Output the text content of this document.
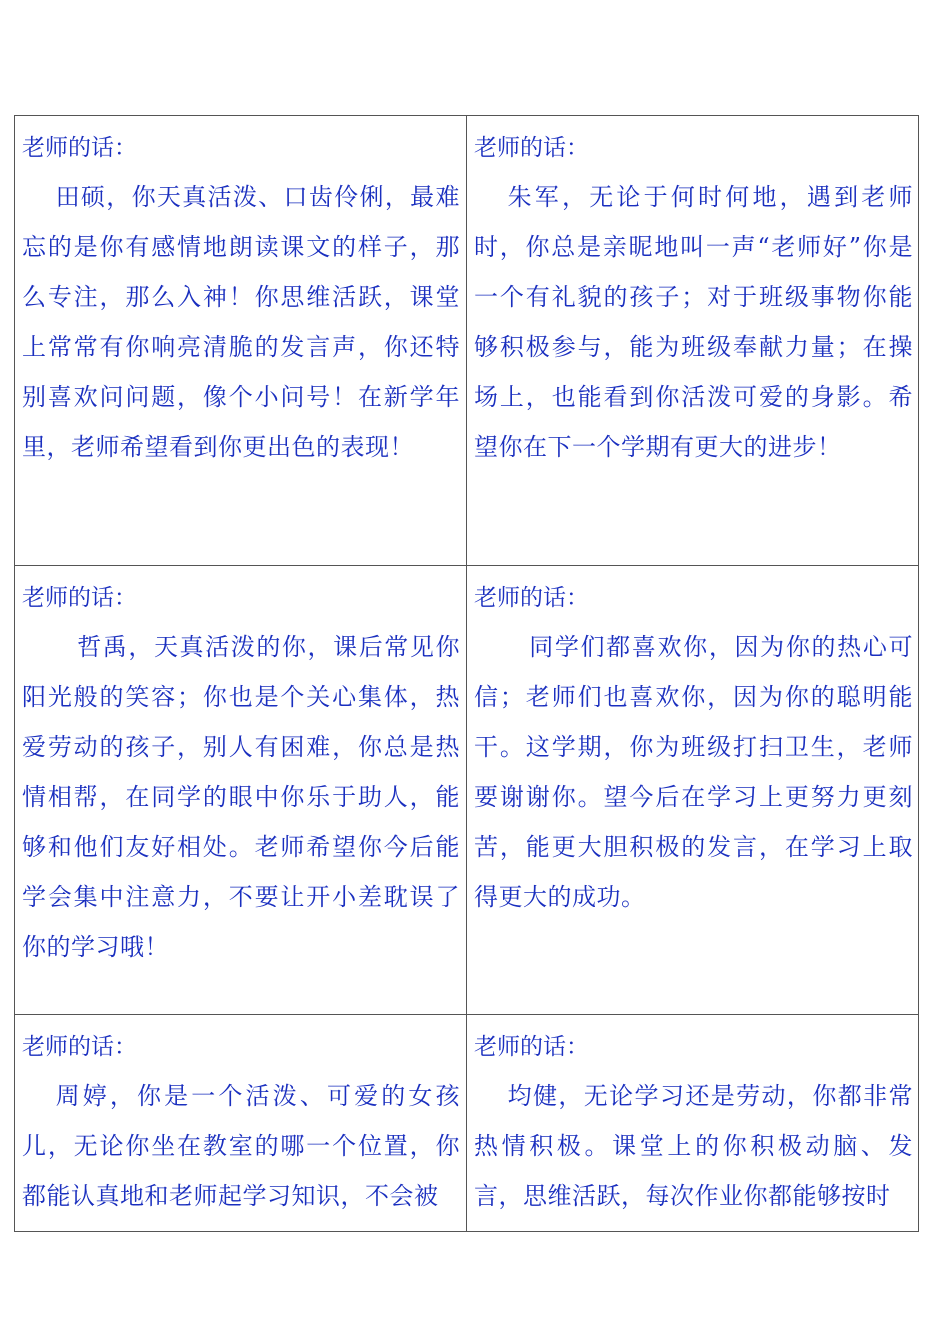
老师的话：
田硕，你天真活泼、口齿伶俐，最难忘的是你有感情地朗读课文的样子，那么专注，那么入神！你思维活跃，课堂上常常有你响亮清脆的发言声，你还特别喜欢问问题，像个小问号！在新学年里，老师希望看到你更出色的表现！
老师的话：
朱军，无论于何时何地，遇到老师时，你总是亲昵地叫一声“老师好”你是一个有礼貌的孩子；对于班级事物你能够积极参与，能为班级奉献力量；在操场上，也能看到你活泼可爱的身影。希望你在下一个学期有更大的进步！
老师的话：
哲禹，天真活泼的你，课后常见你阳光般的笑容；你也是个关心集体，热爱劳动的孩子，别人有困难，你总是热情相帮，在同学的眼中你乐于助人，能够和他们友好相处。老师希望你今后能学会集中注意力，不要让开小差耽误了你的学习哦！
老师的话：
同学们都喜欢你，因为你的热心可信；老师们也喜欢你，因为你的聪明能干。这学期，你为班级打扫卫生，老师要谢谢你。望今后在学习上更努力更刻苦，能更大胆积极的发言，在学习上取得更大的成功。
老师的话：
周婷，你是一个活泼、可爱的女孩儿，无论你坐在教室的哪一个位置，你都能认真地和老师起学习知识，不会被
老师的话：
均健，无论学习还是劳动，你都非常热情积极。课堂上的你积极动脑、发言，思维活跃，每次作业你都能够按时
